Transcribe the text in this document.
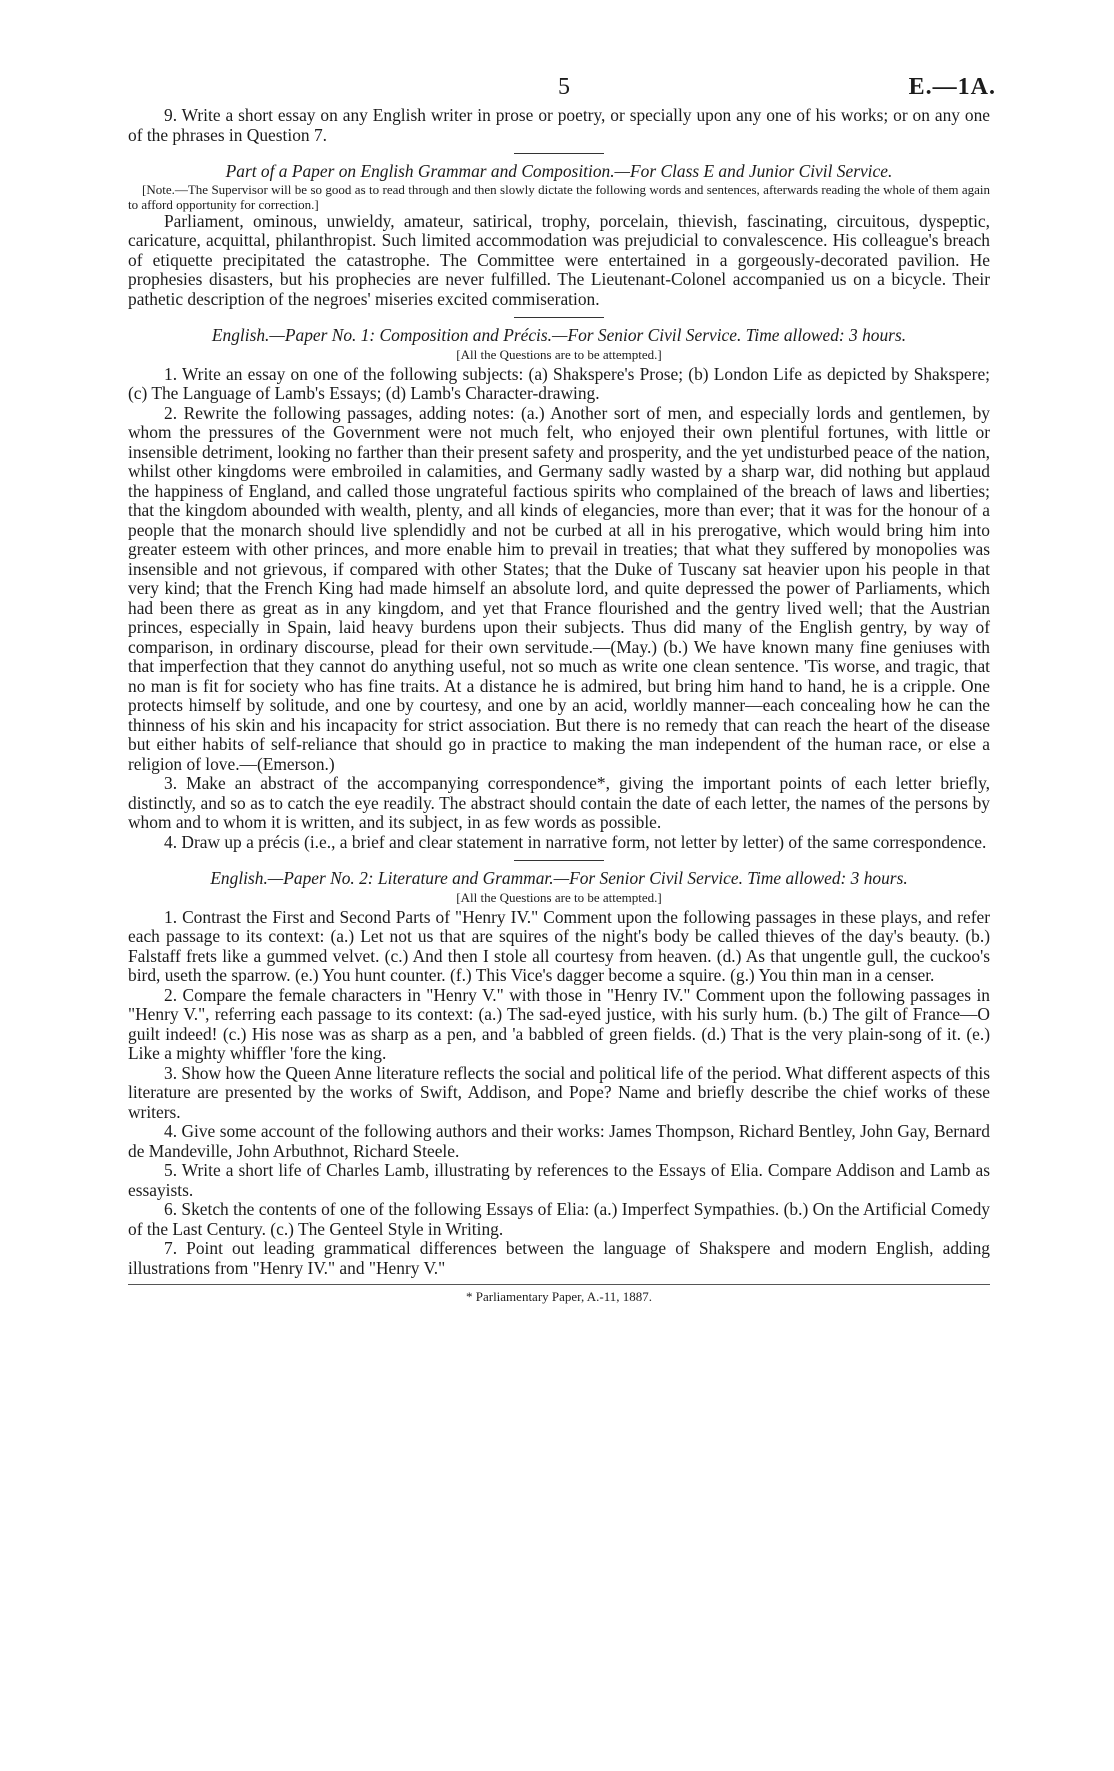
5	E.—1A.

9. Write a short essay on any English writer in prose or poetry, or specially upon any one of his works; or on any one of the phrases in Question 7.

Part of a Paper on English Grammar and Composition.—For Class E and Junior Civil Service.

[Note.—The Supervisor will be so good as to read through and then slowly dictate the following words and sentences, afterwards reading the whole of them again to afford opportunity for correction.]

Parliament, ominous, unwieldy, amateur, satirical, trophy, porcelain, thievish, fascinating, circuitous, dyspeptic, caricature, acquittal, philanthropist. Such limited accommodation was prejudicial to convalescence. His colleague's breach of etiquette precipitated the catastrophe. The Committee were entertained in a gorgeously-decorated pavilion. He prophesies disasters, but his prophecies are never fulfilled. The Lieutenant-Colonel accompanied us on a bicycle. Their pathetic description of the negroes' miseries excited commiseration.

English.—Paper No. 1: Composition and Précis.—For Senior Civil Service. Time allowed: 3 hours.
[All the Questions are to be attempted.]

1. Write an essay on one of the following subjects: (a) Shakspere's Prose; (b) London Life as depicted by Shakspere; (c) The Language of Lamb's Essays; (d) Lamb's Character-drawing.

2. Rewrite the following passages, adding notes: (a.) Another sort of men, and especially lords and gentlemen, by whom the pressures of the Government were not much felt, who enjoyed their own plentiful fortunes, with little or insensible detriment, looking no farther than their present safety and prosperity, and the yet undisturbed peace of the nation, whilst other kingdoms were embroiled in calamities, and Germany sadly wasted by a sharp war, did nothing but applaud the happiness of England, and called those ungrateful factious spirits who complained of the breach of laws and liberties; that the kingdom abounded with wealth, plenty, and all kinds of elegancies, more than ever; that it was for the honour of a people that the monarch should live splendidly and not be curbed at all in his prerogative, which would bring him into greater esteem with other princes, and more enable him to prevail in treaties; that what they suffered by monopolies was insensible and not grievous, if compared with other States; that the Duke of Tuscany sat heavier upon his people in that very kind; that the French King had made himself an absolute lord, and quite depressed the power of Parliaments, which had been there as great as in any kingdom, and yet that France flourished and the gentry lived well; that the Austrian princes, especially in Spain, laid heavy burdens upon their subjects. Thus did many of the English gentry, by way of comparison, in ordinary discourse, plead for their own servitude.—(May.) (b.) We have known many fine geniuses with that imperfection that they cannot do anything useful, not so much as write one clean sentence. 'Tis worse, and tragic, that no man is fit for society who has fine traits. At a distance he is admired, but bring him hand to hand, he is a cripple. One protects himself by solitude, and one by courtesy, and one by an acid, worldly manner—each concealing how he can the thinness of his skin and his incapacity for strict association. But there is no remedy that can reach the heart of the disease but either habits of self-reliance that should go in practice to making the man independent of the human race, or else a religion of love.—(Emerson.)

3. Make an abstract of the accompanying correspondence*, giving the important points of each letter briefly, distinctly, and so as to catch the eye readily. The abstract should contain the date of each letter, the names of the persons by whom and to whom it is written, and its subject, in as few words as possible.

4. Draw up a précis (i.e., a brief and clear statement in narrative form, not letter by letter) of the same correspondence.

English.—Paper No. 2: Literature and Grammar.—For Senior Civil Service. Time allowed: 3 hours.
[All the Questions are to be attempted.]

1. Contrast the First and Second Parts of "Henry IV." Comment upon the following passages in these plays, and refer each passage to its context: (a.) Let not us that are squires of the night's body be called thieves of the day's beauty. (b.) Falstaff frets like a gummed velvet. (c.) And then I stole all courtesy from heaven. (d.) As that ungentle gull, the cuckoo's bird, useth the sparrow. (e.) You hunt counter. (f.) This Vice's dagger become a squire. (g.) You thin man in a censer.

2. Compare the female characters in "Henry V." with those in "Henry IV." Comment upon the following passages in "Henry V.", referring each passage to its context: (a.) The sad-eyed justice, with his surly hum. (b.) The gilt of France—O guilt indeed! (c.) His nose was as sharp as a pen, and 'a babbled of green fields. (d.) That is the very plain-song of it. (e.) Like a mighty whiffler 'fore the king.

3. Show how the Queen Anne literature reflects the social and political life of the period. What different aspects of this literature are presented by the works of Swift, Addison, and Pope? Name and briefly describe the chief works of these writers.

4. Give some account of the following authors and their works: James Thompson, Richard Bentley, John Gay, Bernard de Mandeville, John Arbuthnot, Richard Steele.

5. Write a short life of Charles Lamb, illustrating by references to the Essays of Elia. Compare Addison and Lamb as essayists.

6. Sketch the contents of one of the following Essays of Elia: (a.) Imperfect Sympathies. (b.) On the Artificial Comedy of the Last Century. (c.) The Genteel Style in Writing.

7. Point out leading grammatical differences between the language of Shakspere and modern English, adding illustrations from "Henry IV." and "Henry V."

* Parliamentary Paper, A.-11, 1887.
